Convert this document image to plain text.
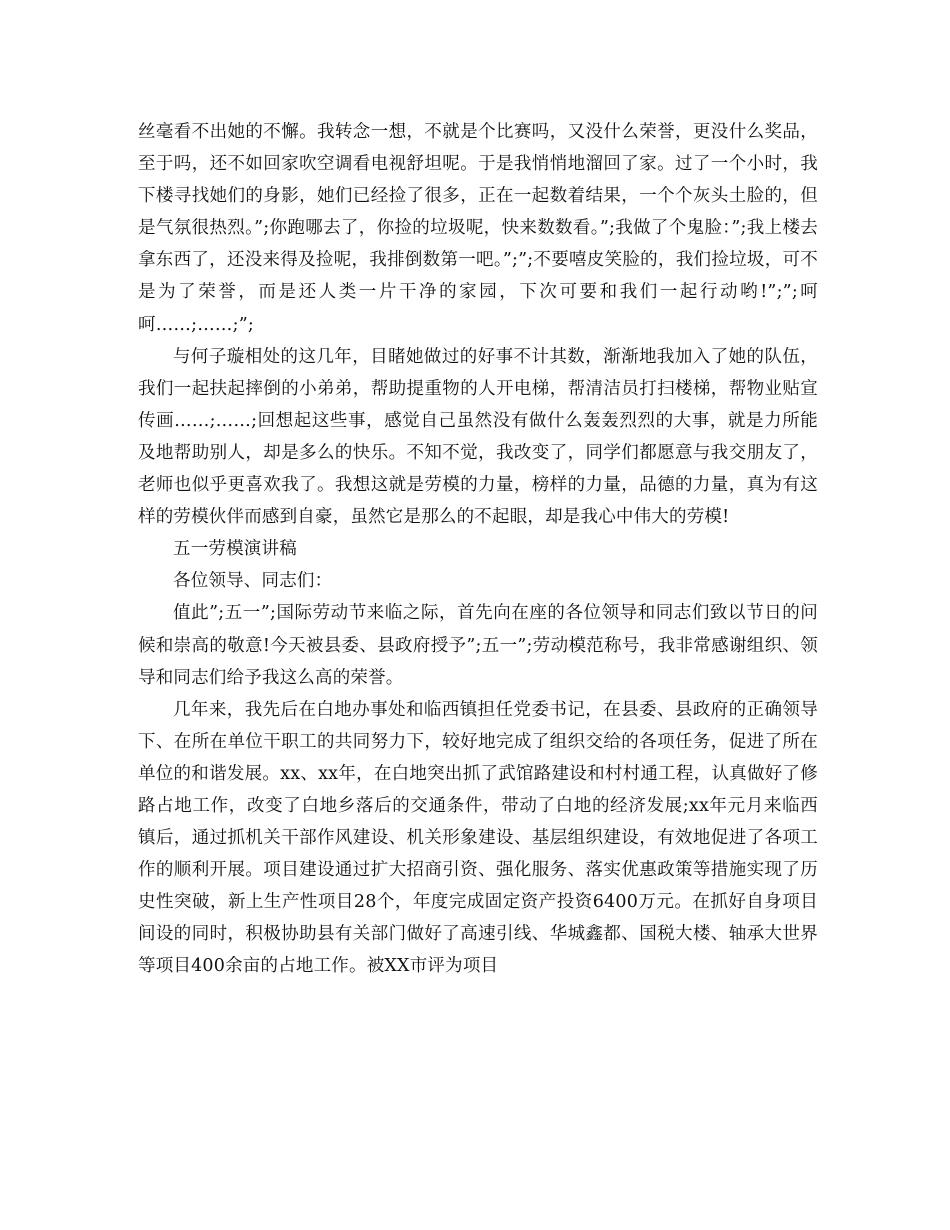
丝毫看不出她的不懈。我转念一想，不就是个比赛吗，又没什么荣誉，更没什么奖品，至于吗，还不如回家吹空调看电视舒坦呢。于是我悄悄地溜回了家。过了一个小时，我下楼寻找她们的身影，她们已经捡了很多，正在一起数着结果，一个个灰头土脸的，但是气氛很热烈。”;你跑哪去了，你捡的垃圾呢，快来数数看。”;我做了个鬼脸：”;我上楼去拿东西了，还没来得及捡呢，我排倒数第一吧。”;”;不要嘻皮笑脸的，我们捡垃圾，可不是为了荣誉，而是还人类一片干净的家园，下次可要和我们一起行动哟!”;”;呵呵……;……;”;

与何子璇相处的这几年，目睹她做过的好事不计其数，渐渐地我加入了她的队伍，我们一起扶起摔倒的小弟弟，帮助提重物的人开电梯，帮清洁员打扫楼梯，帮物业贴宣传画……;……;回想起这些事，感觉自己虽然没有做什么轰轰烈烈的大事，就是力所能及地帮助别人，却是多么的快乐。不知不觉，我改变了，同学们都愿意与我交朋友了，老师也似乎更喜欢我了。我想这就是劳模的力量，榜样的力量，品德的力量，真为有这样的劳模伙伴而感到自豪，虽然它是那么的不起眼，却是我心中伟大的劳模!

五一劳模演讲稿

各位领导、同志们：

值此”;五一”;国际劳动节来临之际，首先向在座的各位领导和同志们致以节日的问候和崇高的敬意!今天被县委、县政府授予”;五一”;劳动模范称号，我非常感谢组织、领导和同志们给予我这么高的荣誉。

几年来，我先后在白地办事处和临西镇担任党委书记，在县委、县政府的正确领导下、在所在单位干职工的共同努力下，较好地完成了组织交给的各项任务，促进了所在单位的和谐发展。xx、xx年，在白地突出抓了武馆路建设和村村通工程，认真做好了修路占地工作，改变了白地乡落后的交通条件，带动了白地的经济发展;xx年元月来临西镇后，通过抓机关干部作风建设、机关形象建设、基层组织建设，有效地促进了各项工作的顺利开展。项目建设通过扩大招商引资、强化服务、落实优惠政策等措施实现了历史性突破，新上生产性项目28个，年度完成固定资产投资6400万元。在抓好自身项目间设的同时，积极协助县有关部门做好了高速引线、华城鑫都、国税大楼、轴承大世界等项目400余亩的占地工作。被XX市评为项目
